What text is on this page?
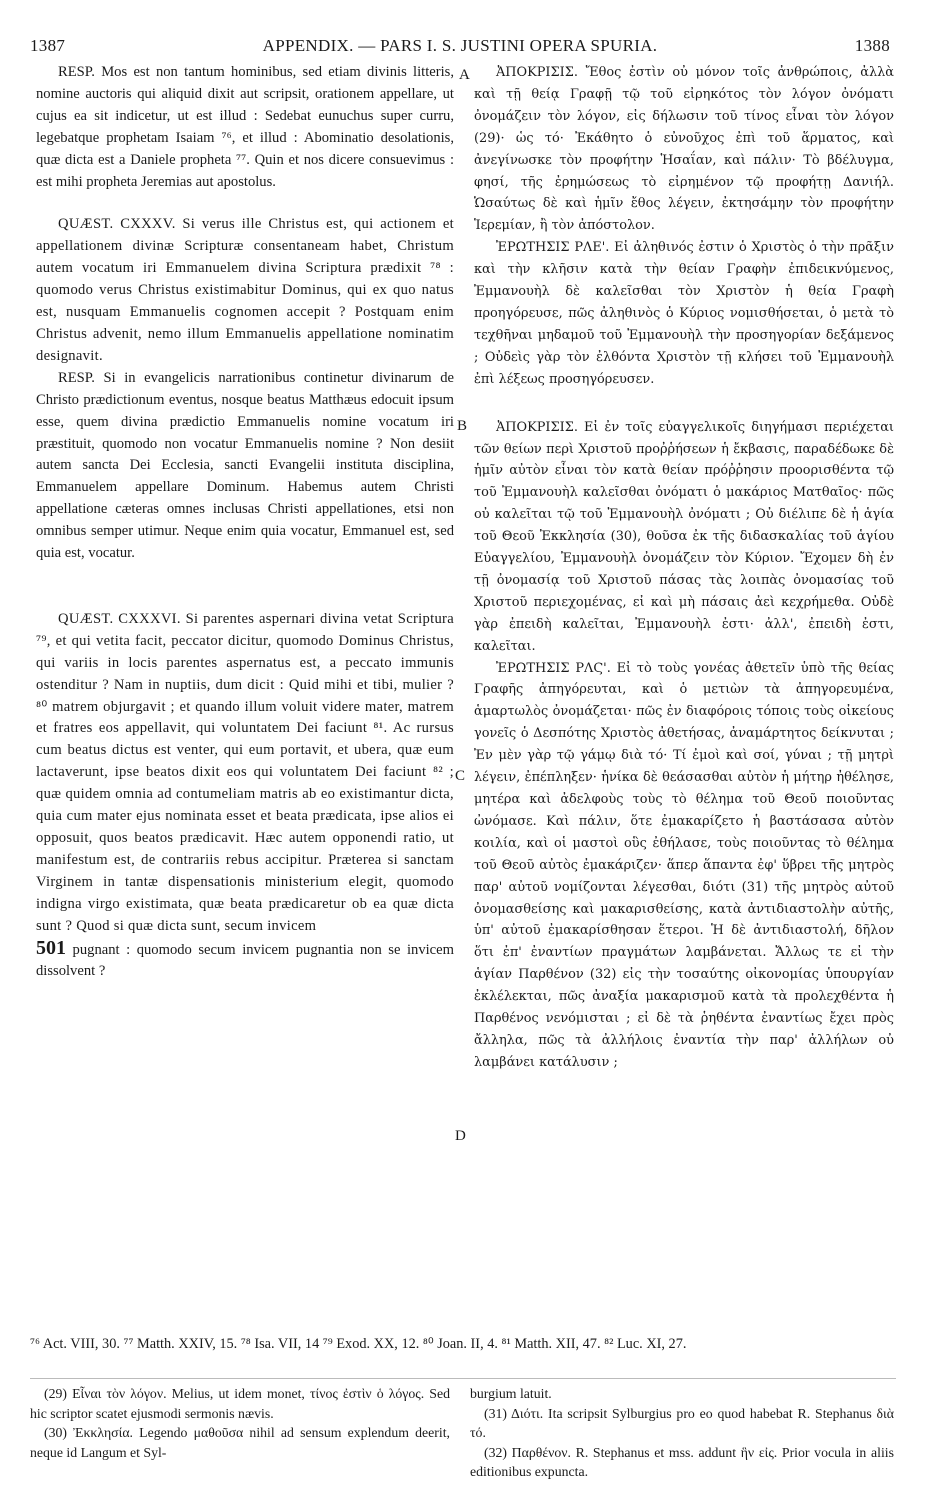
1387	APPENDIX. — PARS I. S. JUSTINI OPERA SPURIA.	1388

RESP. Mos est non tantum hominibus, sed etiam divinis litteris, nomine auctoris qui aliquid dixit aut scripsit, orationem appellare, ut cujus ea sit indicetur, ut est illud : Sedebat eunuchus super curru, legebatque prophetam Isaiam ⁷⁶, et illud : Abominatio desolationis, quæ dicta est a Daniele propheta ⁷⁷. Quin et nos dicere consuevimus : est mihi propheta Jeremias aut apostolus.

QUÆST. CXXXV. Si verus ille Christus est, qui actionem et appellationem divinæ Scripturæ consentaneam habet, Christum autem vocatum iri Emmanuelem divina Scriptura prædixit ⁷⁸ : quomodo verus Christus existimabitur Dominus, qui ex quo natus est, nusquam Emmanuelis cognomen accepit ? Postquam enim Christus advenit, nemo illum Emmanuelis appellatione nominatim designavit.

RESP. Si in evangelicis narrationibus continetur divinarum de Christo prædictionum eventus, nosque beatus Matthæus edocuit ipsum esse, quem divina prædictio Emmanuelis nomine vocatum iri præstituit, quomodo non vocatur Emmanuelis nomine ? Non desiit autem sancta Dei Ecclesia, sancti Evangelii instituta disciplina, Emmanuelem appellare Dominum. Habemus autem Christi appellatione cæteras omnes inclusas Christi appellationes, etsi non omnibus semper utimur. Neque enim quia vocatur, Emmanuel est, sed quia est, vocatur.

QUÆST. CXXXVI. Si parentes aspernari divina vetat Scriptura ⁷⁹, et qui vetita facit, peccator dicitur, quomodo Dominus Christus, qui variis in locis parentes aspernatus est, a peccato immunis ostenditur ? Nam in nuptiis, dum dicit : Quid mihi et tibi, mulier ? ⁸⁰ matrem objurgavit ; et quando illum voluit videre mater, matrem et fratres eos appellavit, qui voluntatem Dei faciunt ⁸¹. Ac rursus cum beatus dictus est venter, qui eum portavit, et ubera, quæ eum lactaverunt, ipse beatos dixit eos qui voluntatem Dei faciunt ⁸² ; quæ quidem omnia ad contumeliam matris ab eo existimantur dicta, quia cum mater ejus nominata esset et beata prædicata, ipse alios ei opposuit, quos beatos prædicavit. Hæc autem opponendi ratio, ut manifestum est, de contrariis rebus accipitur. Præterea si sanctam Virginem in tantæ dispensationis ministerium elegit, quomodo indigna virgo existimata, quæ beata prædicaretur ob ea quæ dicta sunt ? Quod si quæ dicta sunt, secum invicem

501 pugnant : quomodo secum invicem pugnantia non se invicem dissolvent ?

A
B
C
D

ἈΠΟΚΡΙΣΙΣ. Ἔθος ἐστὶν οὐ μόνον τοῖς ἀνθρώποις, ἀλλὰ καὶ τῇ θείᾳ Γραφῇ τῷ τοῦ εἰρηκότος τὸν λόγον ὀνόματι ὀνομάζειν τὸν λόγον, εἰς δήλωσιν τοῦ τίνος εἶναι τὸν λόγον (29)· ὡς τό· Ἐκάθητο ὁ εὐνοῦχος ἐπὶ τοῦ ἅρματος, καὶ ἀνεγίνωσκε τὸν προφήτην Ἡσαΐαν, καὶ πάλιν· Τὸ βδέλυγμα, φησί, τῆς ἐρημώσεως τὸ εἰρημένον τῷ προφήτῃ Δανιήλ. Ὡσαύτως δὲ καὶ ἡμῖν ἔθος λέγειν, ἐκτησάμην τὸν προφήτην Ἱερεμίαν, ἢ τὸν ἀπόστολον.

ἘΡΩΤΗΣΙΣ ΡΛΕ'. Εἰ ἀληθινός ἐστιν ὁ Χριστὸς ὁ τὴν πρᾶξιν καὶ τὴν κλῆσιν κατὰ τὴν θείαν Γραφὴν ἐπιδεικνύμενος, Ἐμμανουὴλ δὲ καλεῖσθαι τὸν Χριστὸν ἡ θεία Γραφὴ προηγόρευσε, πῶς ἀληθινὸς ὁ Κύριος νομισθήσεται, ὁ μετὰ τὸ τεχθῆναι μηδαμοῦ τοῦ Ἐμμανουὴλ τὴν προσηγορίαν δεξάμενος ; Οὐδεὶς γὰρ τὸν ἐλθόντα Χριστὸν τῇ κλήσει τοῦ Ἐμμανουὴλ ἐπὶ λέξεως προσηγόρευσεν.

ἈΠΟΚΡΙΣΙΣ. Εἰ ἐν τοῖς εὐαγγελικοῖς διηγήμασι περιέχεται τῶν θείων περὶ Χριστοῦ προῤῥήσεων ἡ ἔκβασις, παραδέδωκε δὲ ἡμῖν αὐτὸν εἶναι τὸν κατὰ θείαν πρόῤῥησιν προορισθέντα τῷ τοῦ Ἐμμανουὴλ καλεῖσθαι ὀνόματι ὁ μακάριος Ματθαῖος· πῶς οὐ καλεῖται τῷ τοῦ Ἐμμανουὴλ ὀνόματι ; Οὐ διέλιπε δὲ ἡ ἁγία τοῦ Θεοῦ Ἐκκλησία (30), θοῦσα ἐκ τῆς διδασκαλίας τοῦ ἁγίου Εὐαγγελίου, Ἐμμανουὴλ ὀνομάζειν τὸν Κύριον. Ἔχομεν δὴ ἐν τῇ ὀνομασίᾳ τοῦ Χριστοῦ πάσας τὰς λοιπὰς ὀνομασίας τοῦ Χριστοῦ περιεχομένας, εἰ καὶ μὴ πάσαις ἀεὶ κεχρήμεθα. Οὐδὲ γὰρ ἐπειδὴ καλεῖται, Ἐμμανουὴλ ἐστι· ἀλλ', ἐπειδὴ ἐστι, καλεῖται.

ἘΡΩΤΗΣΙΣ ΡΛϚ'. Εἰ τὸ τοὺς γονέας ἀθετεῖν ὑπὸ τῆς θείας Γραφῆς ἀπηγόρευται, καὶ ὁ μετιὼν τὰ ἀπηγορευμένα, ἁμαρτωλὸς ὀνομάζεται· πῶς ἐν διαφόροις τόποις τοὺς οἰκείους γονεῖς ὁ Δεσπότης Χριστὸς ἀθετήσας, ἀναμάρτητος δείκνυται ; Ἐν μὲν γὰρ τῷ γάμῳ διὰ τό· Τί ἐμοὶ καὶ σοί, γύναι ; τῇ μητρὶ λέγειν, ἐπέπληξεν· ἡνίκα δὲ θεάσασθαι αὐτὸν ἡ μήτηρ ἠθέλησε, μητέρα καὶ ἀδελφοὺς τοὺς τὸ θέλημα τοῦ Θεοῦ ποιοῦντας ὠνόμασε. Καὶ πάλιν, ὅτε ἐμακαρίζετο ἡ βαστάσασα αὐτὸν κοιλία, καὶ οἱ μαστοὶ οὓς ἐθήλασε, τοὺς ποιοῦντας τὸ θέλημα τοῦ Θεοῦ αὐτὸς ἐμακάριζεν· ἅπερ ἅπαντα ἐφ' ὕβρει τῆς μητρὸς παρ' αὐτοῦ νομίζονται λέγεσθαι, διότι (31) τῆς μητρὸς αὐτοῦ ὀνομασθείσης καὶ μακαρισθείσης, κατὰ ἀντιδιαστολὴν αὐτῆς, ὑπ' αὐτοῦ ἐμακαρίσθησαν ἕτεροι. Ἡ δὲ ἀντιδιαστολή, δῆλον ὅτι ἐπ' ἐναντίων πραγμάτων λαμβάνεται. Ἄλλως τε εἰ τὴν ἁγίαν Παρθένον (32) εἰς τὴν τοσαύτης οἰκονομίας ὑπουργίαν ἐκλέλεκται, πῶς ἀναξία μακαρισμοῦ κατὰ τὰ προλεχθέντα ἡ Παρθένος νενόμισται ; εἰ δὲ τὰ ῥηθέντα ἐναντίως ἔχει πρὸς ἄλληλα, πῶς τὰ ἀλλήλοις ἐναντία τὴν παρ' ἀλλήλων οὐ λαμβάνει κατάλυσιν ;

⁷⁶ Act. VIII, 30. ⁷⁷ Matth. XXIV, 15. ⁷⁸ Isa. VII, 14 ⁷⁹ Exod. XX, 12. ⁸⁰ Joan. II, 4. ⁸¹ Matth. XII, 47. ⁸² Luc. XI, 27.

(29) Εἶναι τὸν λόγον. Melius, ut idem monet, τίνος ἐστὶν ὁ λόγος. Sed hic scriptor scatet ejusmodi sermonis nævis.

(30) Ἐκκλησία. Legendo μαθοῦσα nihil ad sensum explendum deerit, neque id Langum et Syl-

burgium latuit.

(31) Διότι. Ita scripsit Sylburgius pro eo quod habebat R. Stephanus διὰ τό.

(32) Παρθένον. R. Stephanus et mss. addunt ἣν εἰς. Prior vocula in aliis editionibus expuncta.
